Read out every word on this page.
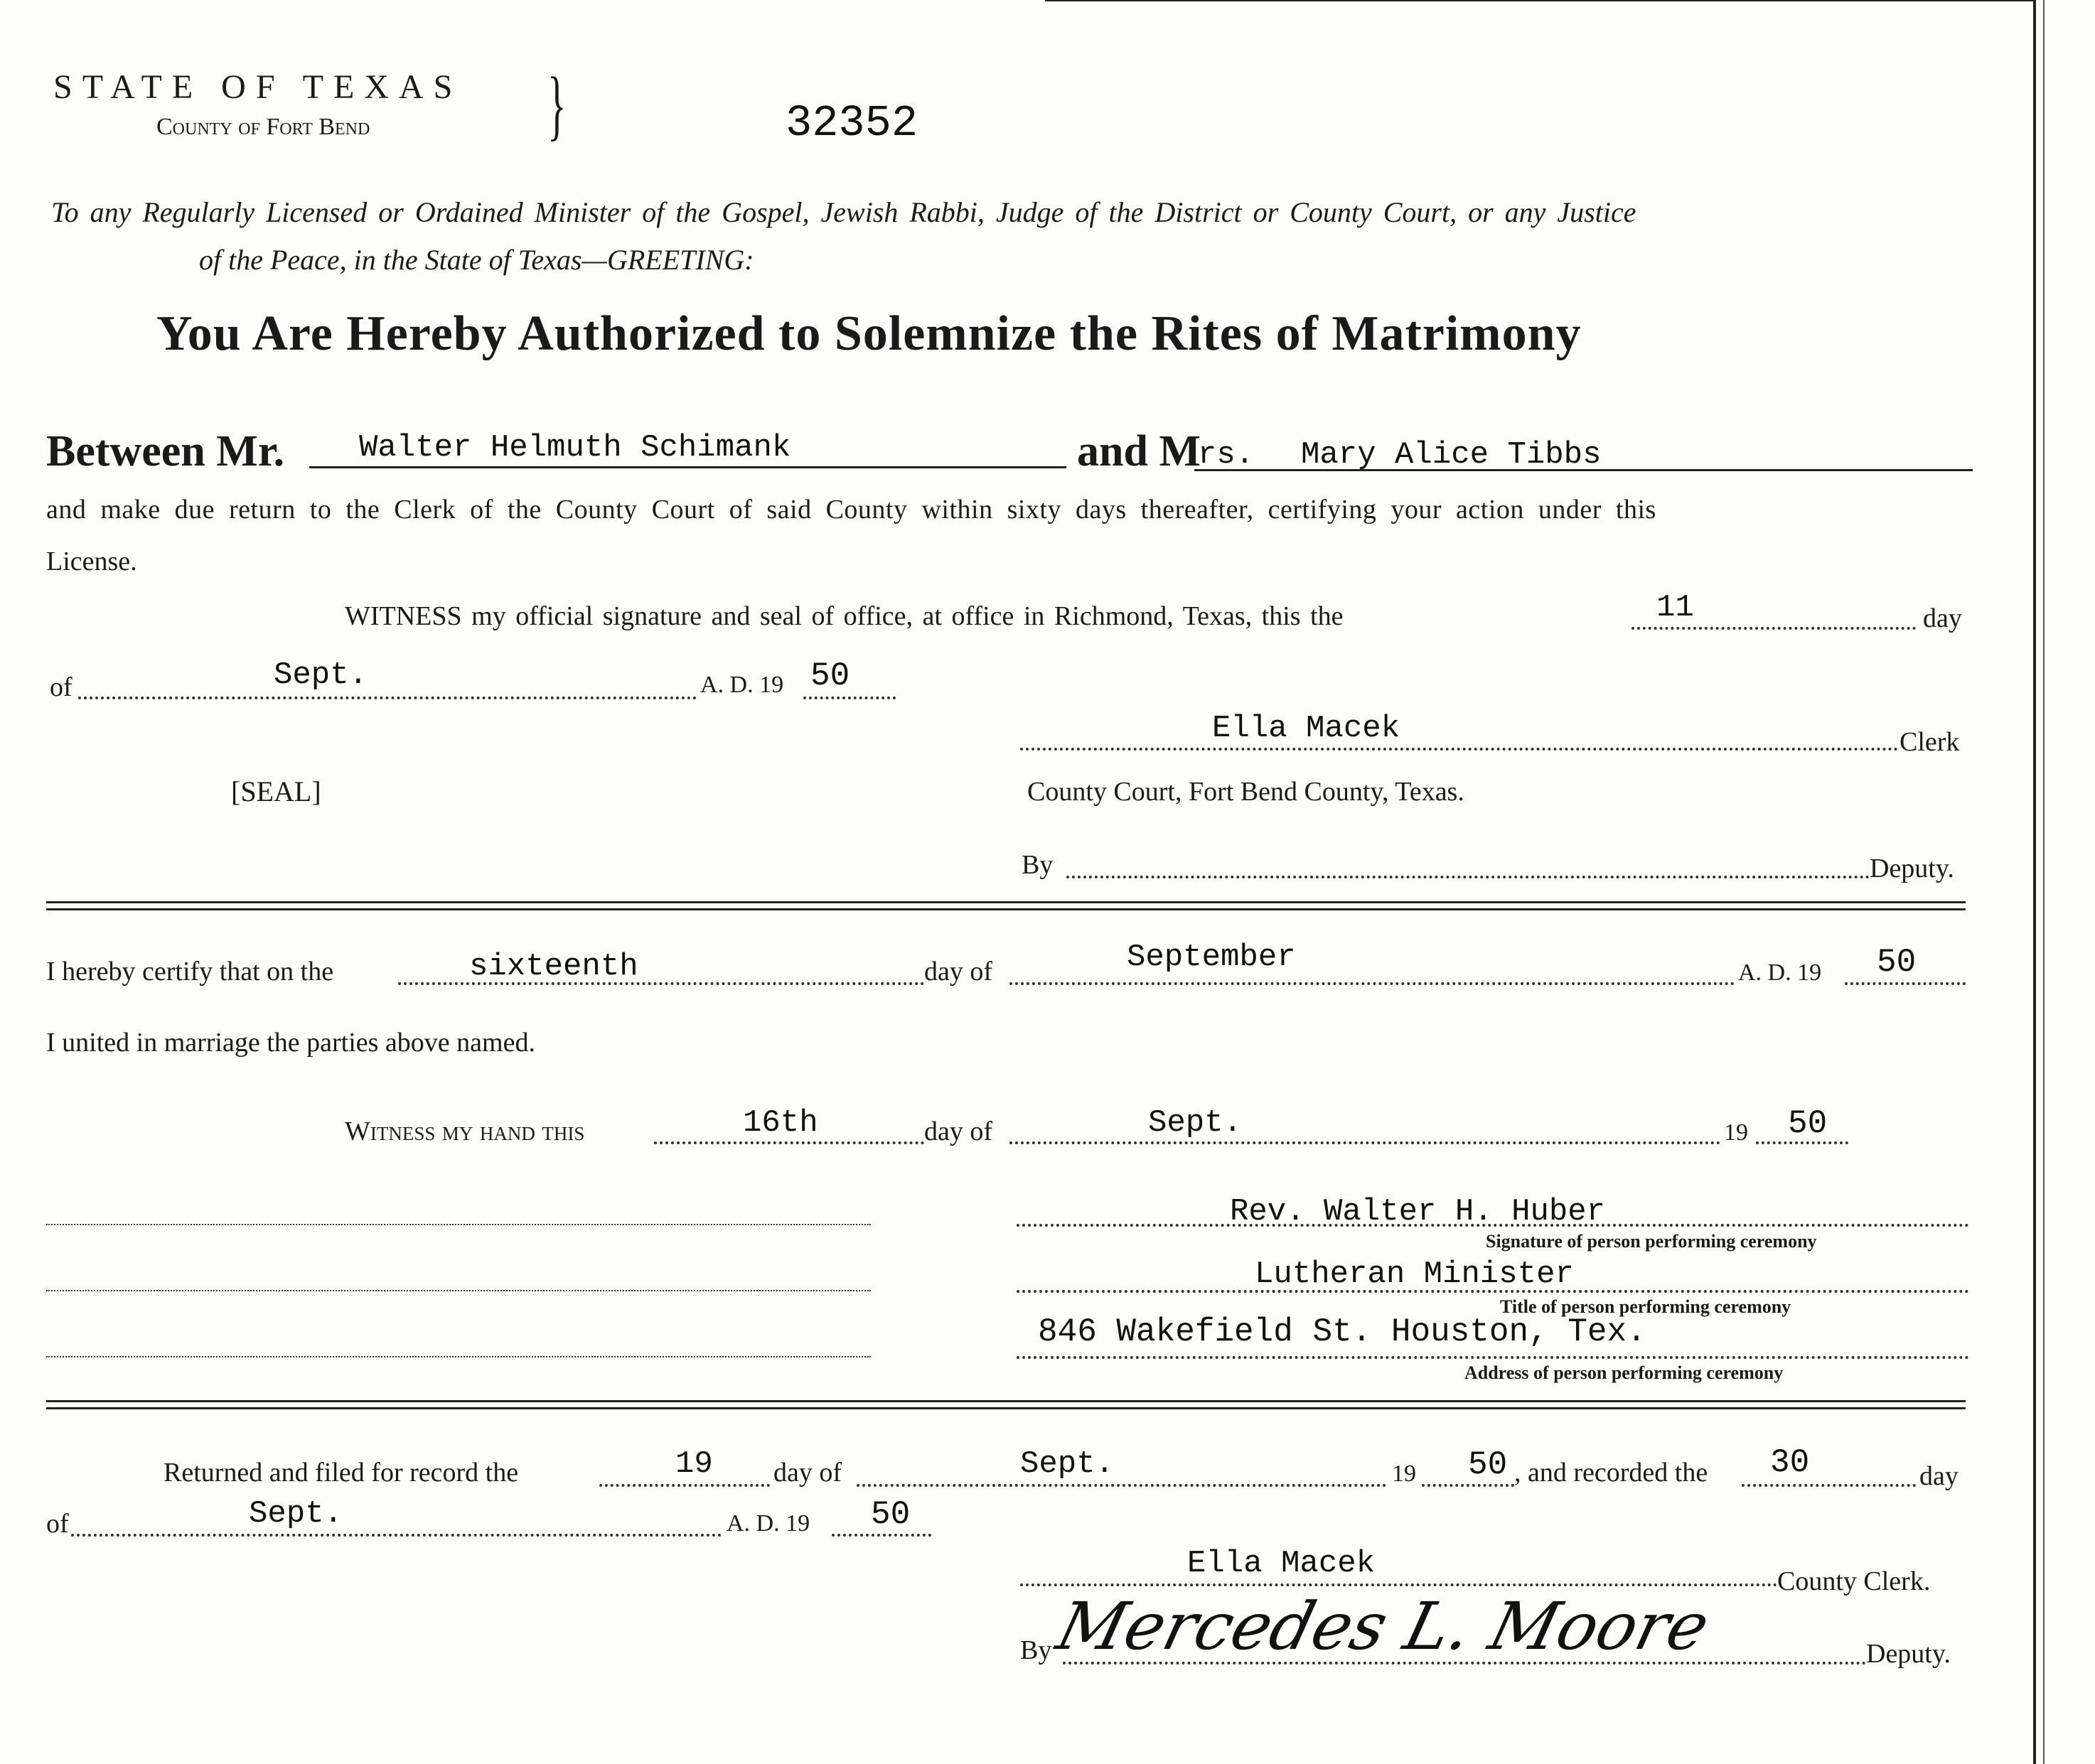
STATE OF TEXAS
County of Fort Bend }	32352
To any Regularly Licensed or Ordained Minister of the Gospel, Jewish Rabbi, Judge of the District or County Court, or any Justice
of the Peace, in the State of Texas—GREETING:
You Are Hereby Authorized to Solemnize the Rites of Matrimony
Between Mr. Walter Helmuth Schimank	and M
rs. Mary Alice Tibbs
and make due return to the Clerk of the County Court of said County within sixty days thereafter, certifying your action under this
License.
WITNESS my official signature and seal of office, at office in Richmond, Texas, this the	11	day
of	Sept.	A. D. 19 50
Ella Macek	Clerk
[SEAL]	County Court, Fort Bend County, Texas.
By	Deputy.
I hereby certify that on the	sixteenth	day of	September	A. D. 19 50
I united in marriage the parties above named.
Witness my hand this	16th	day of	Sept.	19 50
Rev. Walter H. Huber
Signature of person performing ceremony
Lutheran Minister
Title of person performing ceremony
846 Wakefield St. Houston, Tex.
Address of person performing ceremony
Returned and filed for record the	19 day of	Sept.	19 50 , and recorded the 30	day
of	Sept.	A. D. 19 50
Ella Macek	County Clerk.
By
Mercedes L. Moore	Deputy.
